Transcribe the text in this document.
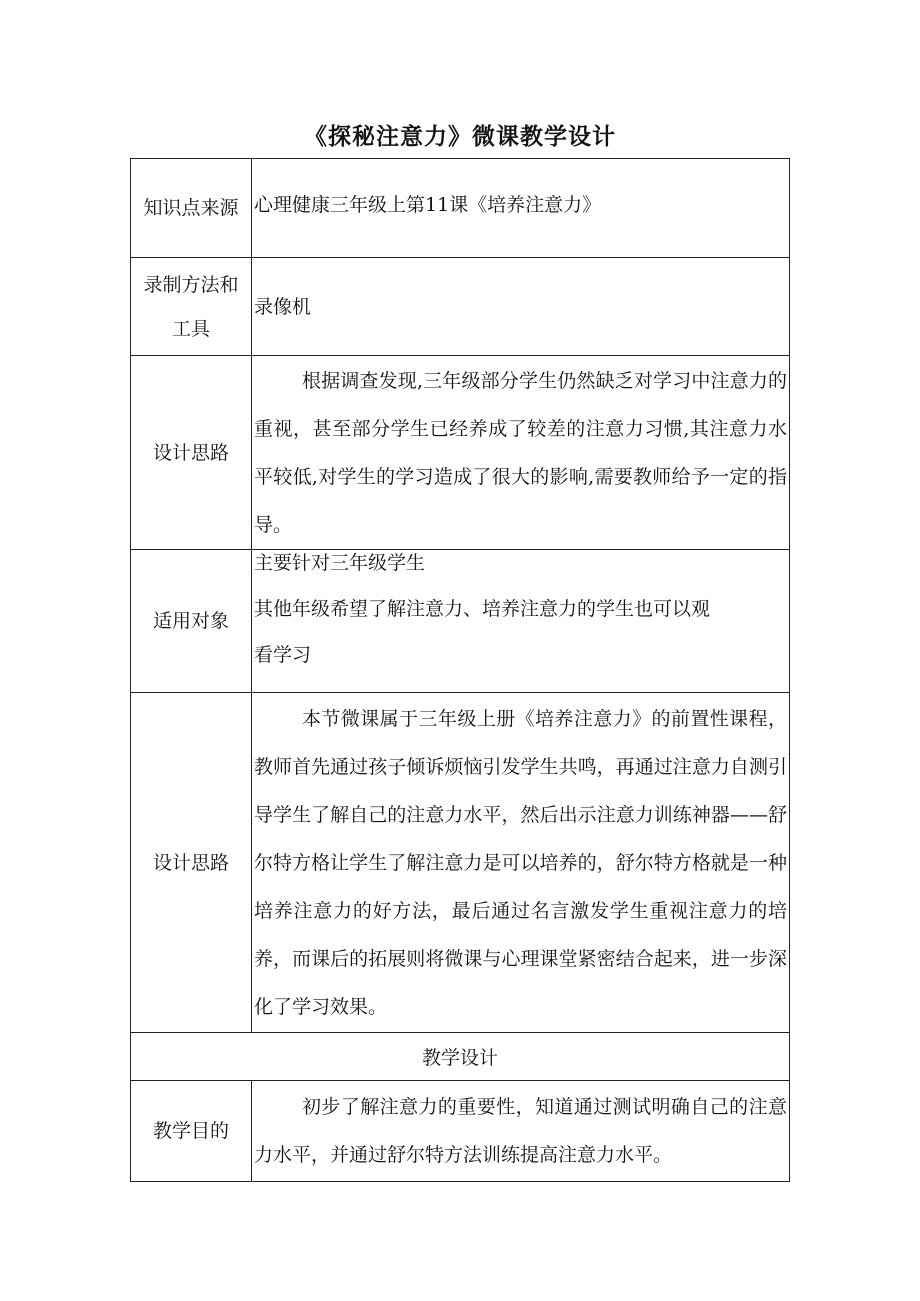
《探秘注意力》微课教学设计
知识点来源	心理健康三年级上第11课《培养注意力》

录制方法和
工具	录像机

设计思路	根据调查发现,三年级部分学生仍然缺乏对学习中注意力的重视，甚至部分学生已经养成了较差的注意力习惯,其注意力水平较低,对学生的学习造成了很大的影响,需要教师给予一定的指导。

适用对象	主要针对三年级学生
其他年级希望了解注意力、培养注意力的学生也可以观
看学习

设计思路	本节微课属于三年级上册《培养注意力》的前置性课程，教师首先通过孩子倾诉烦恼引发学生共鸣，再通过注意力自测引导学生了解自己的注意力水平，然后出示注意力训练神器——舒尔特方格让学生了解注意力是可以培养的，舒尔特方格就是一种培养注意力的好方法，最后通过名言激发学生重视注意力的培养，而课后的拓展则将微课与心理课堂紧密结合起来，进一步深化了学习效果。

教学设计	
教学目的	初步了解注意力的重要性，知道通过测试明确自己的注意力水平，并通过舒尔特方法训练提高注意力水平。
